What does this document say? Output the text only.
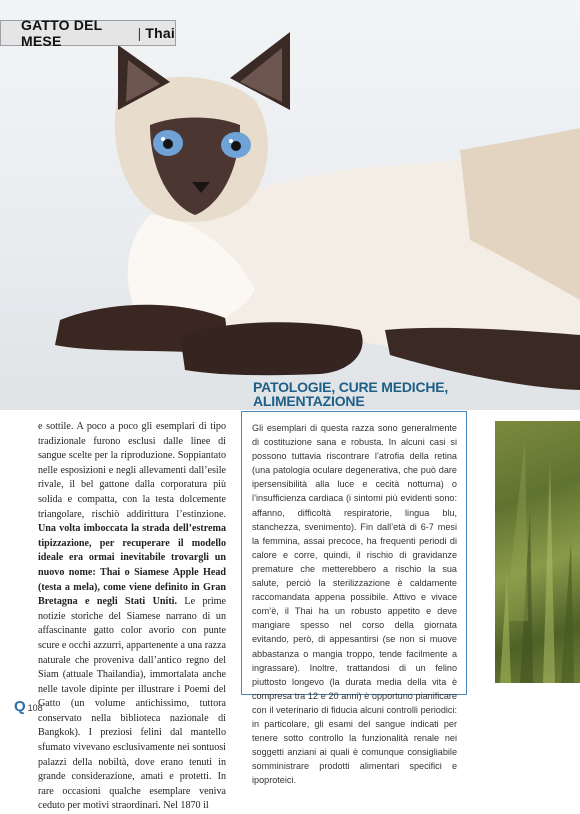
GATTO DEL MESE	| Thai

e sottile. A poco a poco gli esemplari di tipo tradizionale furono esclusi dalle linee di sangue scelte per la riproduzione. Soppiantato nelle esposizioni e negli allevamenti dall’esile rivale, il bel gattone dalla corporatura più solida e compatta, con la testa dolcemente triangolare, rischiò addirittura l’estinzione. Una volta imboccata la strada dell’estrema tipizzazione, per recuperare il modello ideale era ormai inevitabile trovargli un nuovo nome: Thai o Siamese Apple Head (testa a mela), come viene definito in Gran Bretagna e negli Stati Uniti. Le prime notizie storiche del Siamese narrano di un affascinante gatto color avorio con punte scure e occhi azzurri, appartenente a una razza naturale che proveniva dall’antico regno del Siam (attuale Thailandia), immortalata anche nelle tavole dipinte per illustrare i Poemi del Gatto (un volume antichissimo, tuttora conservato nella biblioteca nazionale di Bangkok). I preziosi felini dal mantello sfumato vivevano esclusivamente nei sontuosi palazzi della nobiltà, dove erano tenuti in grande considerazione, amati e protetti. In rare occasioni qualche esemplare veniva ceduto per motivi straordinari. Nel 1870 il

PATOLOGIE, CURE MEDICHE, ALIMENTAZIONE

Gli esemplari di questa razza sono generalmente di costituzione sana e robusta. In alcuni casi si possono tuttavia riscontrare l’atrofia della retina (una patologia oculare degenerativa, che può dare ipersensibilità alla luce e cecità notturna) o l’insufficienza cardiaca (i sintomi più evidenti sono: affanno, difficoltà respiratorie, lingua blu, stanchezza, svenimento). Fin dall’età di 6-7 mesi la femmina, assai precoce, ha frequenti periodi di calore e corre, quindi, il rischio di gravidanze premature che metterebbero a rischio la sua salute, perciò la sterilizzazione è caldamente raccomandata appena possibile. Attivo e vivace com’è, il Thai ha un robusto appetito e deve mangiare spesso nel corso della giornata evitando, però, di appesantirsi (se non si muove abbastanza o mangia troppo, tende facilmente a ingrassare). Inoltre, trattandosi di un felino piuttosto longevo (la durata media della vita è compresa tra 12 e 20 anni) è opportuno pianificare con il veterinario di fiducia alcuni controlli periodici: in particolare, gli esami del sangue indicati per tenere sotto controllo la funzionalità renale nei soggetti anziani ai quali è comunque consigliabile somministrare prodotti alimentari specifici e ipoproteici.

Q 108
